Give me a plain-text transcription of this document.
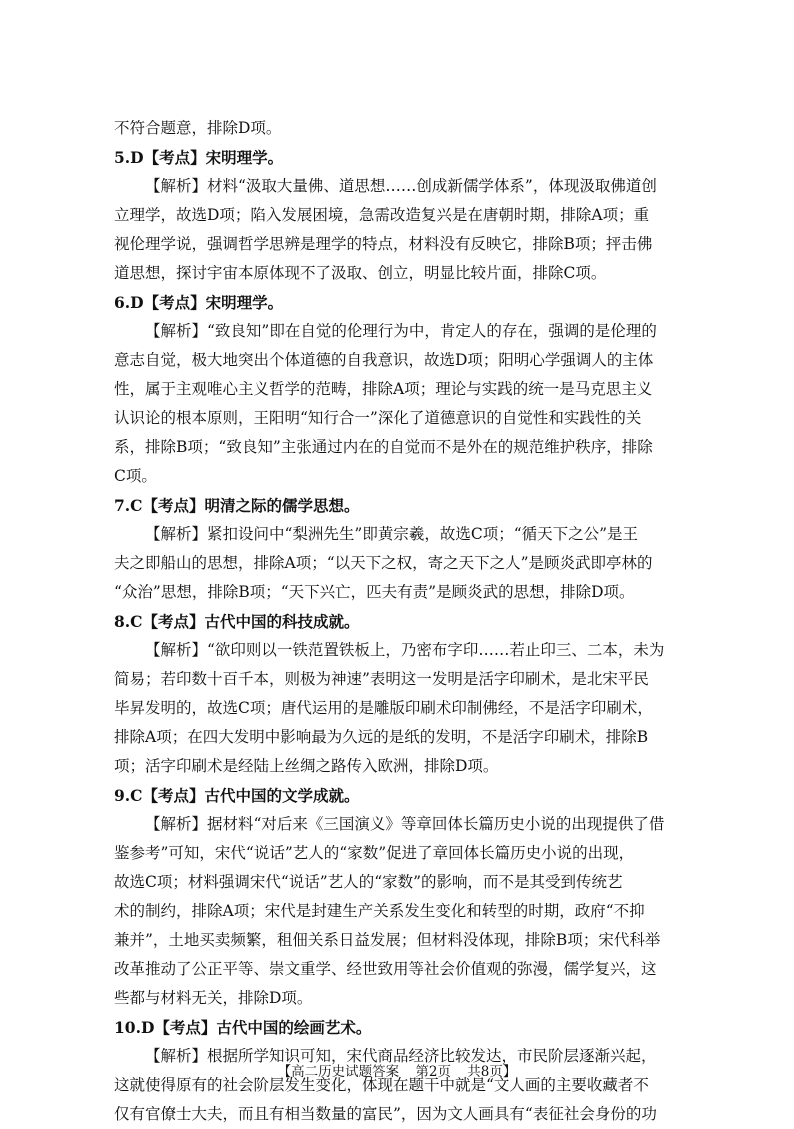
不符合题意，排除D项。
5.D【考点】宋明理学。
【解析】材料“汲取大量佛、道思想……创成新儒学体系”，体现汲取佛道创
立理学，故选D项；陷入发展困境，急需改造复兴是在唐朝时期，排除A项；重
视伦理学说，强调哲学思辨是理学的特点，材料没有反映它，排除B项；抨击佛
道思想，探讨宇宙本原体现不了汲取、创立，明显比较片面，排除C项。
6.D【考点】宋明理学。
【解析】“致良知”即在自觉的伦理行为中，肯定人的存在，强调的是伦理的
意志自觉，极大地突出个体道德的自我意识，故选D项；阳明心学强调人的主体
性，属于主观唯心主义哲学的范畴，排除A项；理论与实践的统一是马克思主义
认识论的根本原则，王阳明“知行合一”深化了道德意识的自觉性和实践性的关
系，排除B项；“致良知”主张通过内在的自觉而不是外在的规范维护秩序，排除
C项。
7.C【考点】明清之际的儒学思想。
【解析】紧扣设问中“梨洲先生”即黄宗羲，故选C项；“循天下之公”是王
夫之即船山的思想，排除A项；“以天下之权，寄之天下之人”是顾炎武即亭林的
“众治”思想，排除B项；“天下兴亡，匹夫有责”是顾炎武的思想，排除D项。
8.C【考点】古代中国的科技成就。
【解析】“欲印则以一铁范置铁板上，乃密布字印……若止印三、二本，未为
简易；若印数十百千本，则极为神速”表明这一发明是活字印刷术，是北宋平民
毕昇发明的，故选C项；唐代运用的是雕版印刷术印制佛经，不是活字印刷术，
排除A项；在四大发明中影响最为久远的是纸的发明，不是活字印刷术，排除B
项；活字印刷术是经陆上丝绸之路传入欧洲，排除D项。
9.C【考点】古代中国的文学成就。
【解析】据材料“对后来《三国演义》等章回体长篇历史小说的出现提供了借
鉴参考”可知，宋代“说话”艺人的“家数”促进了章回体长篇历史小说的出现，
故选C项；材料强调宋代“说话”艺人的“家数”的影响，而不是其受到传统艺
术的制约，排除A项；宋代是封建生产关系发生变化和转型的时期，政府“不抑
兼并”，土地买卖频繁，租佃关系日益发展；但材料没体现，排除B项；宋代科举
改革推动了公正平等、崇文重学、经世致用等社会价值观的弥漫，儒学复兴，这
些都与材料无关，排除D项。
10.D【考点】古代中国的绘画艺术。
【解析】根据所学知识可知，宋代商品经济比较发达，市民阶层逐渐兴起，
这就使得原有的社会阶层发生变化，体现在题干中就是“文人画的主要收藏者不
仅有官僚士大夫，而且有相当数量的富民”，因为文人画具有“表征社会身份的功
【高二历史试题答案 第2页 共8页】
